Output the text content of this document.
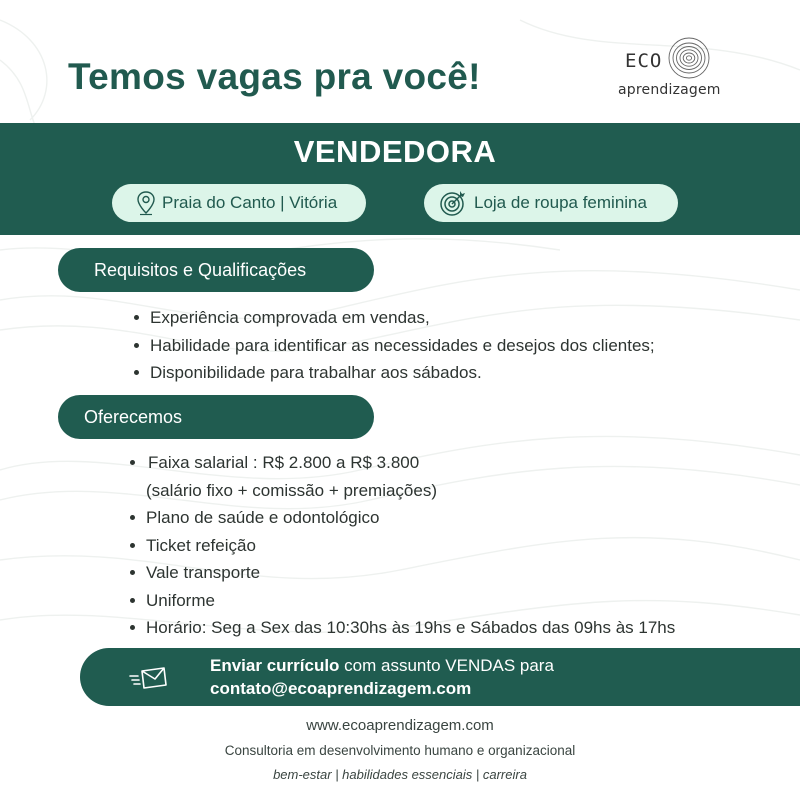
Temos vagas pra você!	ECO
aprendizagem
VENDEDORA
Praia do Canto | Vitória	Loja de roupa feminina
Requisitos e Qualificações
Experiência comprovada em vendas,
Habilidade para identificar as necessidades e desejos dos clientes;
Disponibilidade para trabalhar aos sábados.
Oferecemos
Faixa salarial : R$ 2.800 a R$ 3.800
(salário fixo + comissão + premiações)
Plano de saúde e odontológico
Ticket refeição
Vale transporte
Uniforme
Horário: Seg a Sex das 10:30hs às 19hs e Sábados das 09hs às 17hs
Enviar currículo com assunto VENDAS para
contato@ecoaprendizagem.com

www.ecoaprendizagem.com

Consultoria em desenvolvimento humano e organizacional

bem-estar | habilidades essenciais | carreira
